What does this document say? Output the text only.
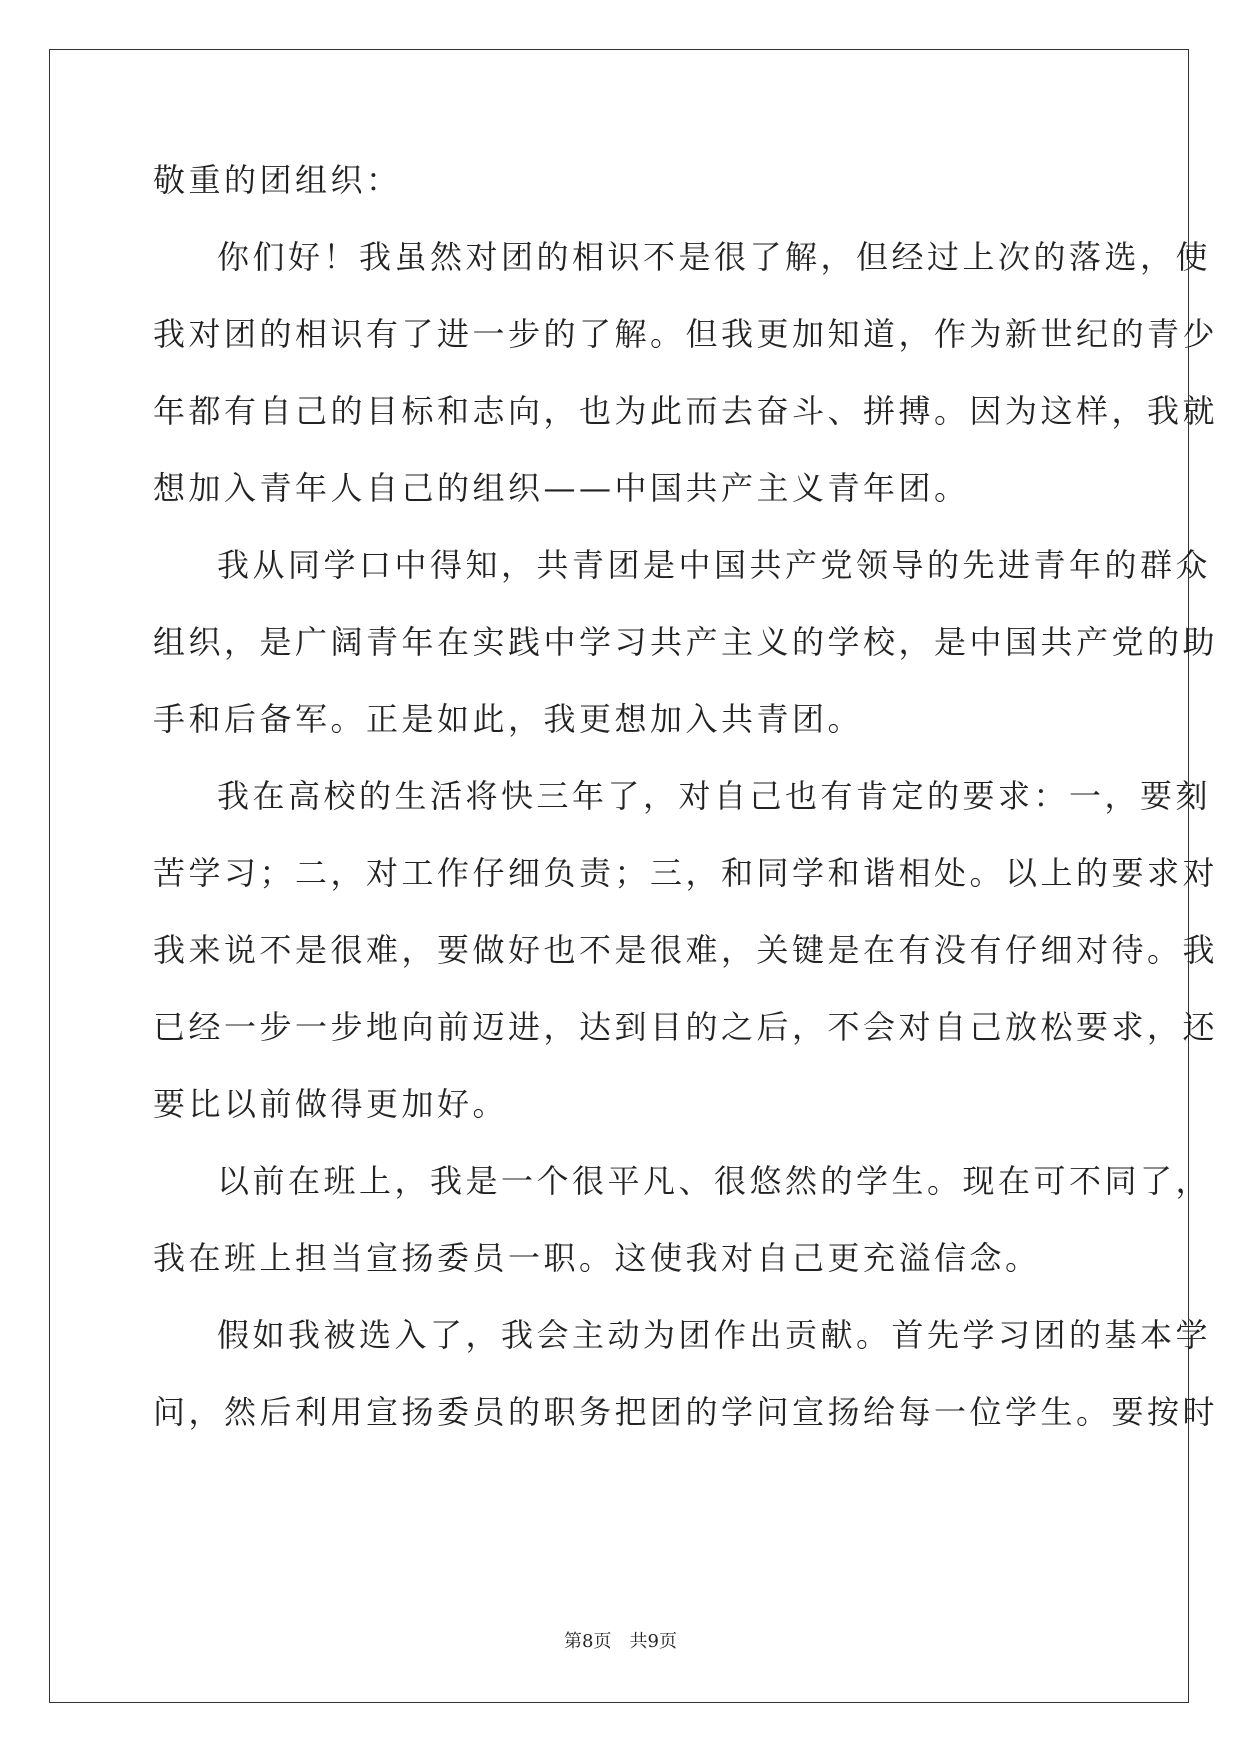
敬重的团组织：
你们好！我虽然对团的相识不是很了解，但经过上次的落选，使
我对团的相识有了进一步的了解。但我更加知道，作为新世纪的青少
年都有自己的目标和志向，也为此而去奋斗、拼搏。因为这样，我就
想加入青年人自己的组织——中国共产主义青年团。
我从同学口中得知，共青团是中国共产党领导的先进青年的群众
组织，是广阔青年在实践中学习共产主义的学校，是中国共产党的助
手和后备军。正是如此，我更想加入共青团。
我在高校的生活将快三年了，对自己也有肯定的要求：一，要刻
苦学习；二，对工作仔细负责；三，和同学和谐相处。以上的要求对
我来说不是很难，要做好也不是很难，关键是在有没有仔细对待。我
已经一步一步地向前迈进，达到目的之后，不会对自己放松要求，还
要比以前做得更加好。
以前在班上，我是一个很平凡、很悠然的学生。现在可不同了，
我在班上担当宣扬委员一职。这使我对自己更充溢信念。
假如我被选入了，我会主动为团作出贡献。首先学习团的基本学
问，然后利用宣扬委员的职务把团的学问宣扬给每一位学生。要按时
第8页 共9页
